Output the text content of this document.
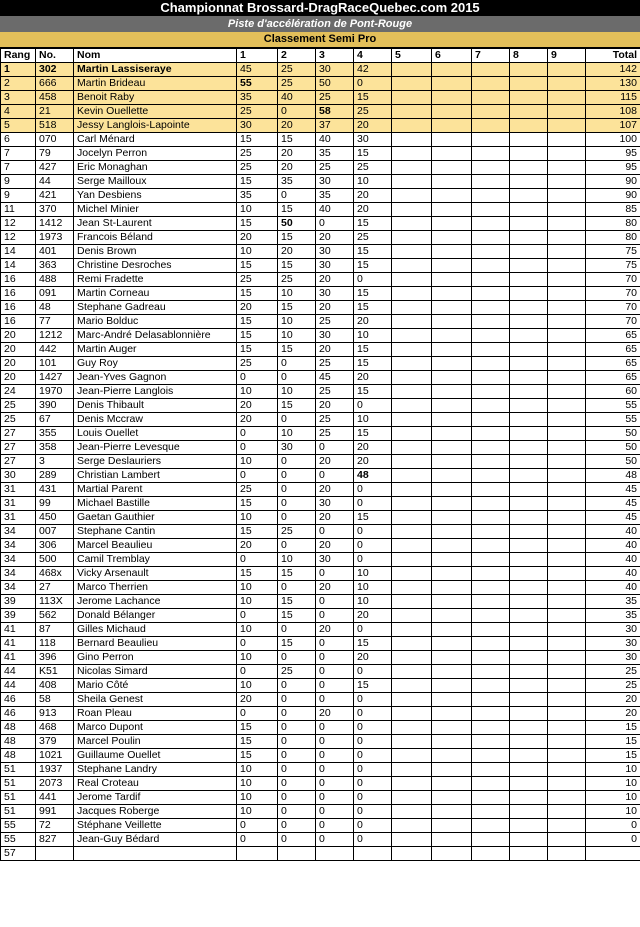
Championnat Brossard-DragRaceQuebec.com 2015
Piste d'accélération de Pont-Rouge
Classement Semi Pro
Rang	No.	Nom	1	2	3	4	5	6	7	8	9	Total
1	302	Martin Lassiseraye	45	25	30	42						142
2	666	Martin Brideau	55	25	50	0						130
3	458	Benoit Raby	35	40	25	15						115
4	21	Kevin Ouellette	25	0	58	25						108
5	518	Jessy Langlois-Lapointe	30	20	37	20						107
6	070	Carl Ménard	15	15	40	30						100
7	79	Jocelyn Perron	25	20	35	15						95
7	427	Eric Monaghan	25	20	25	25						95
9	44	Serge Mailloux	15	35	30	10						90
9	421	Yan Desbiens	35	0	35	20						90
11	370	Michel Minier	10	15	40	20						85
12	1412	Jean St-Laurent	15	50	0	15						80
12	1973	Francois Béland	20	15	20	25						80
14	401	Denis Brown	10	20	30	15						75
14	363	Christine Desroches	15	15	30	15						75
16	488	Remi Fradette	25	25	20	0						70
16	091	Martin Corneau	15	10	30	15						70
16	48	Stephane Gadreau	20	15	20	15						70
16	77	Mario Bolduc	15	10	25	20						70
20	1212	Marc-André Delasablonnière	15	10	30	10						65
20	442	Martin Auger	15	15	20	15						65
20	101	Guy Roy	25	0	25	15						65
20	1427	Jean-Yves Gagnon	0	0	45	20						65
24	1970	Jean-Pierre Langlois	10	10	25	15						60
25	390	Denis Thibault	20	15	20	0						55
25	67	Denis Mccraw	20	0	25	10						55
27	355	Louis Ouellet	0	10	25	15						50
27	358	Jean-Pierre Levesque	0	30	0	20						50
27	3	Serge Deslauriers	10	0	20	20						50
30	289	Christian Lambert	0	0	0	48						48
31	431	Martial Parent	25	0	20	0						45
31	99	Michael Bastille	15	0	30	0						45
31	450	Gaetan Gauthier	10	0	20	15						45
34	007	Stephane Cantin	15	25	0	0						40
34	306	Marcel Beaulieu	20	0	20	0						40
34	500	Camil Tremblay	0	10	30	0						40
34	468x	Vicky Arsenault	15	15	0	10						40
34	27	Marco Therrien	10	0	20	10						40
39	113X	Jerome Lachance	10	15	0	10						35
39	562	Donald Bélanger	0	15	0	20						35
41	87	Gilles Michaud	10	0	20	0						30
41	118	Bernard Beaulieu	0	15	0	15						30
41	396	Gino Perron	10	0	0	20						30
44	K51	Nicolas Simard	0	25	0	0						25
44	408	Mario Côté	10	0	0	15						25
46	58	Sheila Genest	20	0	0	0						20
46	913	Roan Pleau	0	0	20	0						20
48	468	Marco Dupont	15	0	0	0						15
48	379	Marcel Poulin	15	0	0	0						15
48	1021	Guillaume Ouellet	15	0	0	0						15
51	1937	Stephane Landry	10	0	0	0						10
51	2073	Real Croteau	10	0	0	0						10
51	441	Jerome Tardif	10	0	0	0						10
51	991	Jacques Roberge	10	0	0	0						10
55	72	Stéphane Veillette	0	0	0	0						0
55	827	Jean-Guy Bédard	0	0	0	0						0
57												
